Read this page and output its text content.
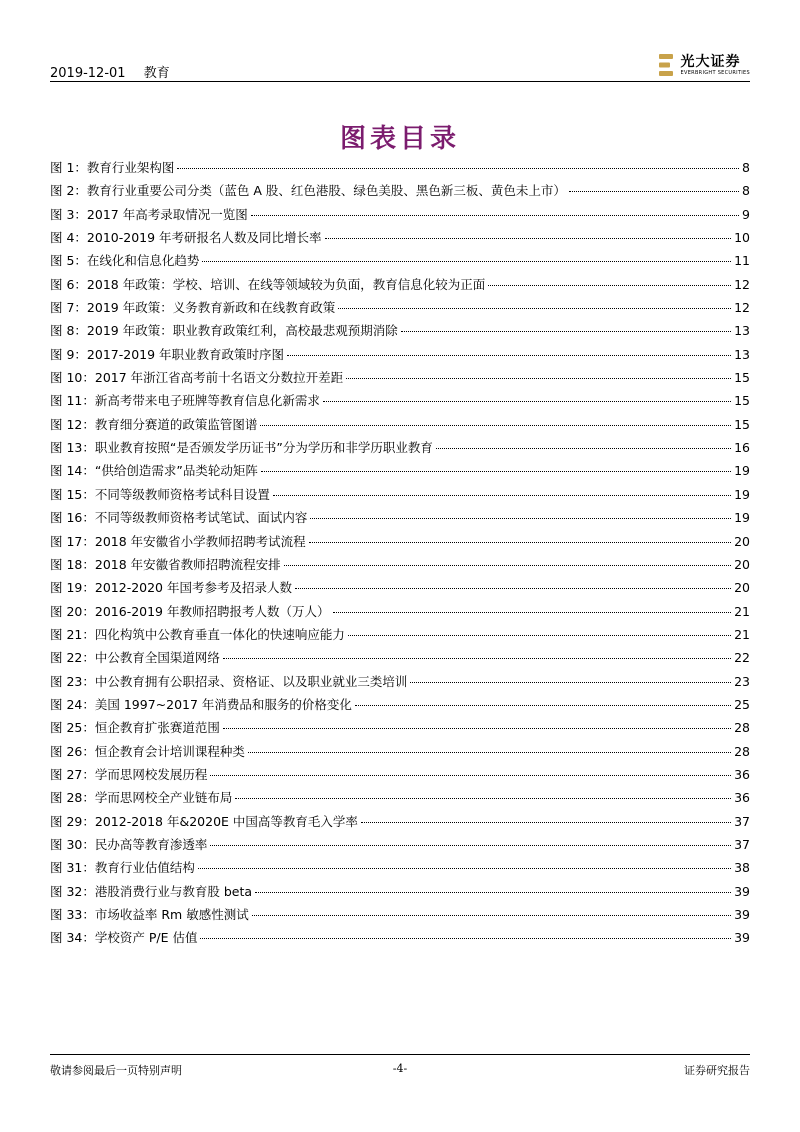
2019-12-01 教育
光大证券
EVERBRIGHT SECURITIES
图表目录
图 1：教育行业架构图	8
图 2：教育行业重要公司分类（蓝色 A 股、红色港股、绿色美股、黑色新三板、黄色未上市）	8
图 3：2017 年高考录取情况一览图	9
图 4：2010-2019 年考研报名人数及同比增长率	10
图 5：在线化和信息化趋势	11
图 6：2018 年政策：学校、培训、在线等领域较为负面，教育信息化较为正面	12
图 7：2019 年政策：义务教育新政和在线教育政策	12
图 8：2019 年政策：职业教育政策红利，高校最悲观预期消除	13
图 9：2017-2019 年职业教育政策时序图	13
图 10：2017 年浙江省高考前十名语文分数拉开差距	15
图 11：新高考带来电子班牌等教育信息化新需求	15
图 12：教育细分赛道的政策监管图谱	15
图 13：职业教育按照“是否颁发学历证书”分为学历和非学历职业教育	16
图 14：“供给创造需求”品类轮动矩阵	19
图 15：不同等级教师资格考试科目设置	19
图 16：不同等级教师资格考试笔试、面试内容	19
图 17：2018 年安徽省小学教师招聘考试流程	20
图 18：2018 年安徽省教师招聘流程安排	20
图 19：2012-2020 年国考参考及招录人数	20
图 20：2016-2019 年教师招聘报考人数（万人）	21
图 21：四化构筑中公教育垂直一体化的快速响应能力	21
图 22：中公教育全国渠道网络	22
图 23：中公教育拥有公职招录、资格证、以及职业就业三类培训	23
图 24：美国 1997~2017 年消费品和服务的价格变化	25
图 25：恒企教育扩张赛道范围	28
图 26：恒企教育会计培训课程种类	28
图 27：学而思网校发展历程	36
图 28：学而思网校全产业链布局	36
图 29：2012-2018 年&2020E 中国高等教育毛入学率	37
图 30：民办高等教育渗透率	37
图 31：教育行业估值结构	38
图 32：港股消费行业与教育股 beta	39
图 33：市场收益率 Rm 敏感性测试	39
图 34：学校资产 P/E 估值	39
敬请参阅最后一页特别声明	-4-	证券研究报告
